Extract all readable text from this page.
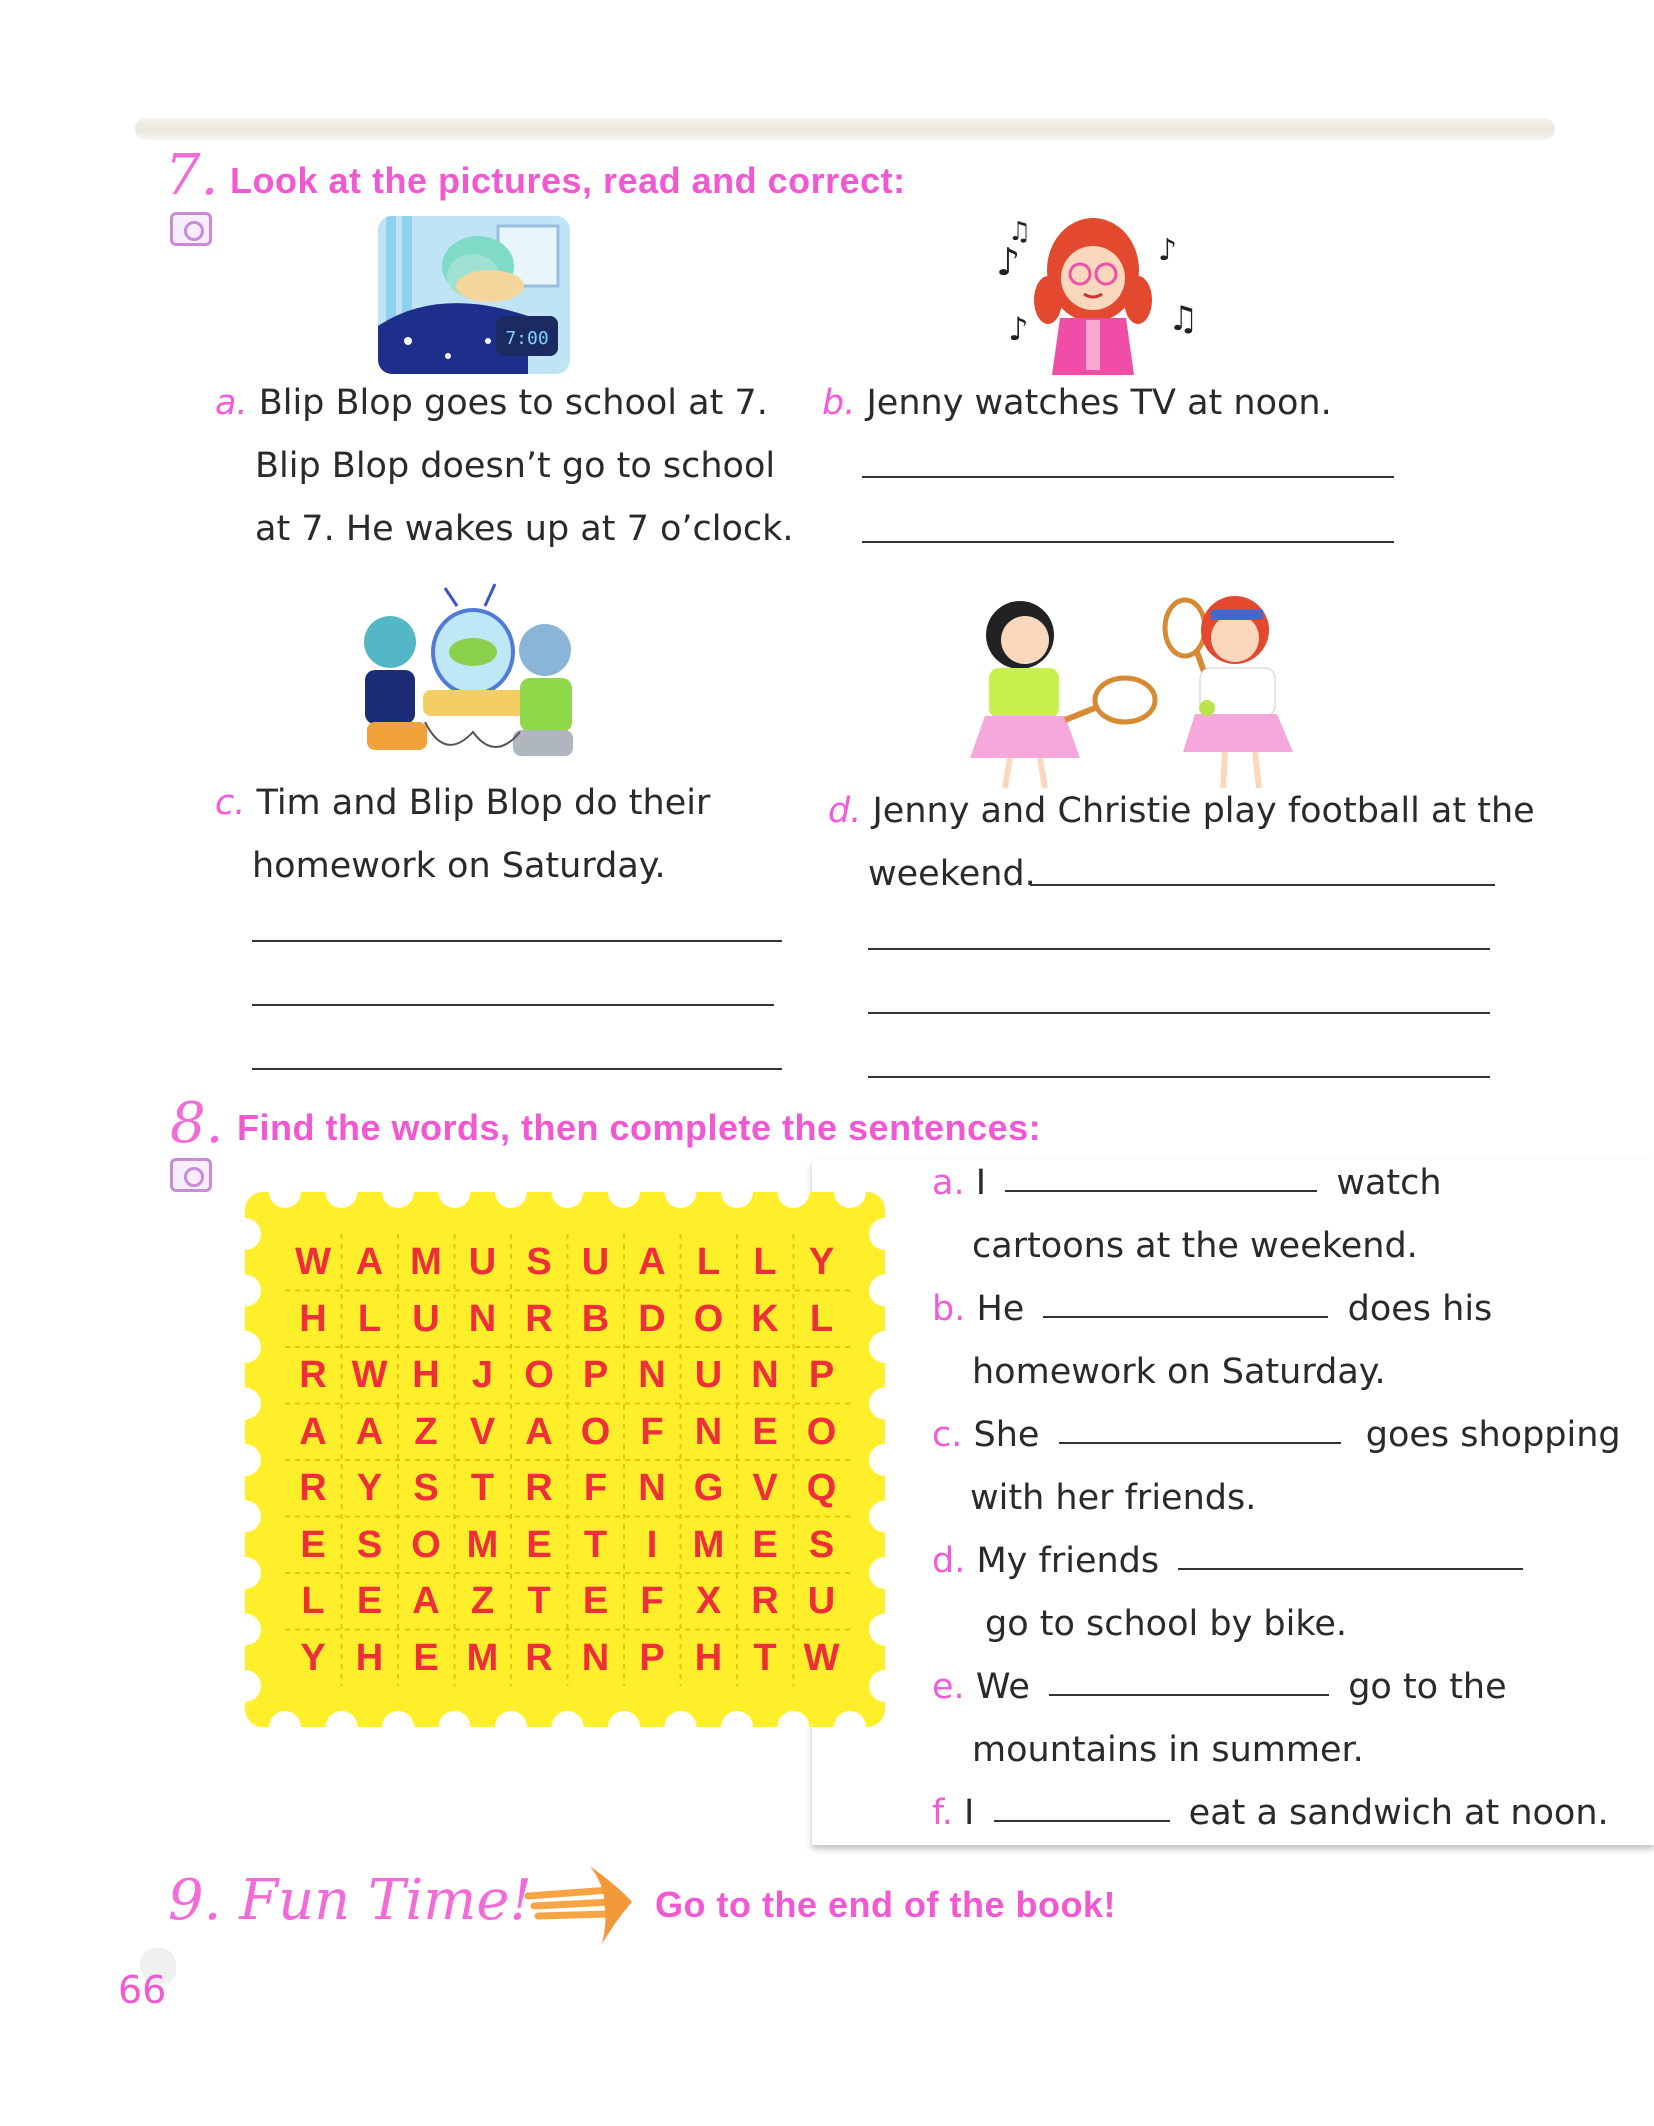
7. Look at the pictures, read and correct:
7:00
♪
♫
♪
♪
♫
a. Blip Blop goes to school at 7.
Blip Blop doesn’t go to school
at 7. He wakes up at 7 o’clock.
b. Jenny watches TV at noon.
c. Tim and Blip Blop do their
homework on Saturday.
d. Jenny and Christie play football at the
weekend.
8. Find the words, then complete the sentences:
W A M U S U A L L Y
H L U N R B D O K L
R W H J O P N U N P
A A Z V A O F N E O
R Y S T R F N G V Q
E S O M E T	I M E S
L E A Z T E F X R U
Y H E M R N P H T W
a. I	watch
cartoons at the weekend.
b. He	does his
homework on Saturday.
c. She	goes shopping
with her friends.
d. My friends
go to school by bike.
e. We	go to the
mountains in summer.
f. I	eat a sandwich at noon.
9. Fun Time!	Go to the end of the book!
66
